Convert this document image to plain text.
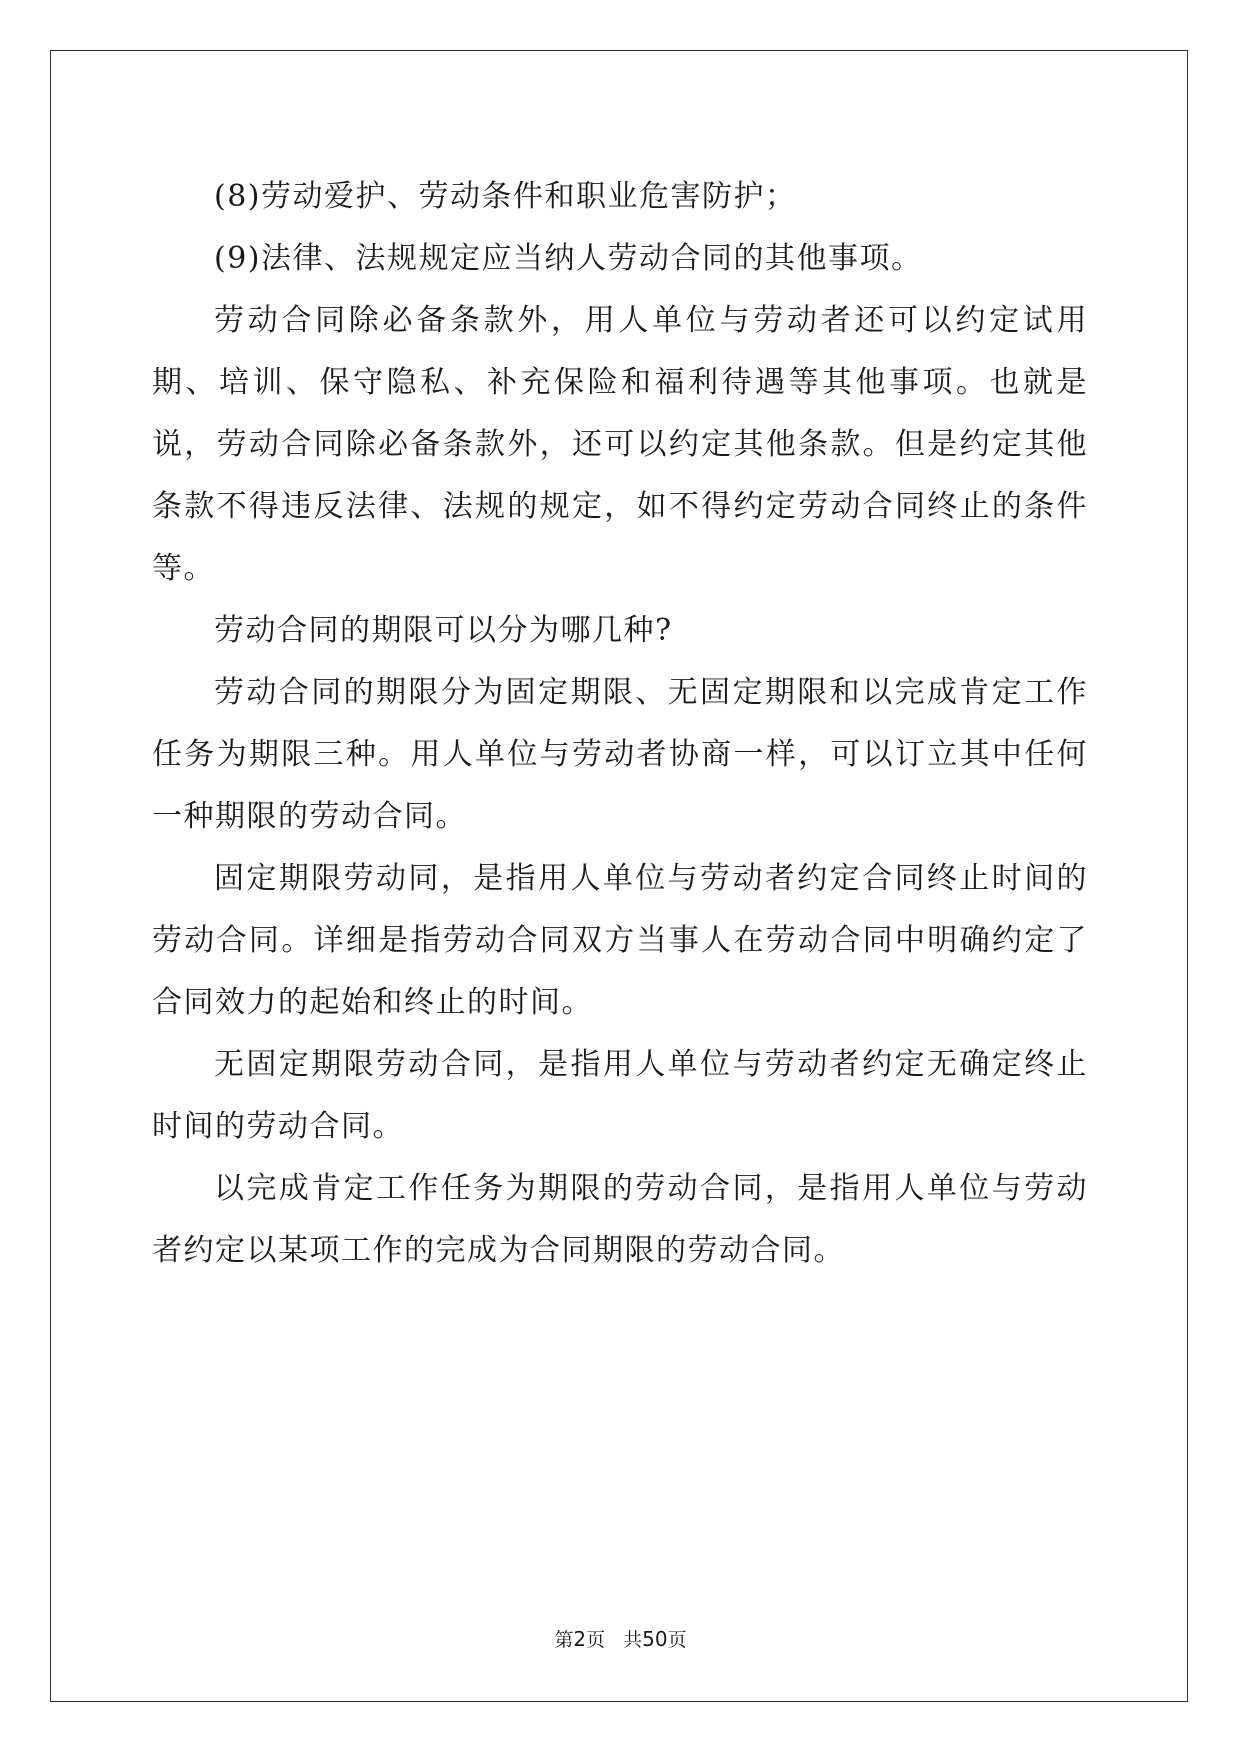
(8)劳动爱护、劳动条件和职业危害防护；

(9)法律、法规规定应当纳人劳动合同的其他事项。

劳动合同除必备条款外，用人单位与劳动者还可以约定试用期、培训、保守隐私、补充保险和福利待遇等其他事项。也就是说，劳动合同除必备条款外，还可以约定其他条款。但是约定其他条款不得违反法律、法规的规定，如不得约定劳动合同终止的条件等。

劳动合同的期限可以分为哪几种?

劳动合同的期限分为固定期限、无固定期限和以完成肯定工作任务为期限三种。用人单位与劳动者协商一样，可以订立其中任何一种期限的劳动合同。

固定期限劳动同，是指用人单位与劳动者约定合同终止时间的劳动合同。详细是指劳动合同双方当事人在劳动合同中明确约定了合同效力的起始和终止的时间。

无固定期限劳动合同，是指用人单位与劳动者约定无确定终止时间的劳动合同。

以完成肯定工作任务为期限的劳动合同，是指用人单位与劳动者约定以某项工作的完成为合同期限的劳动合同。

第2页 共50页
